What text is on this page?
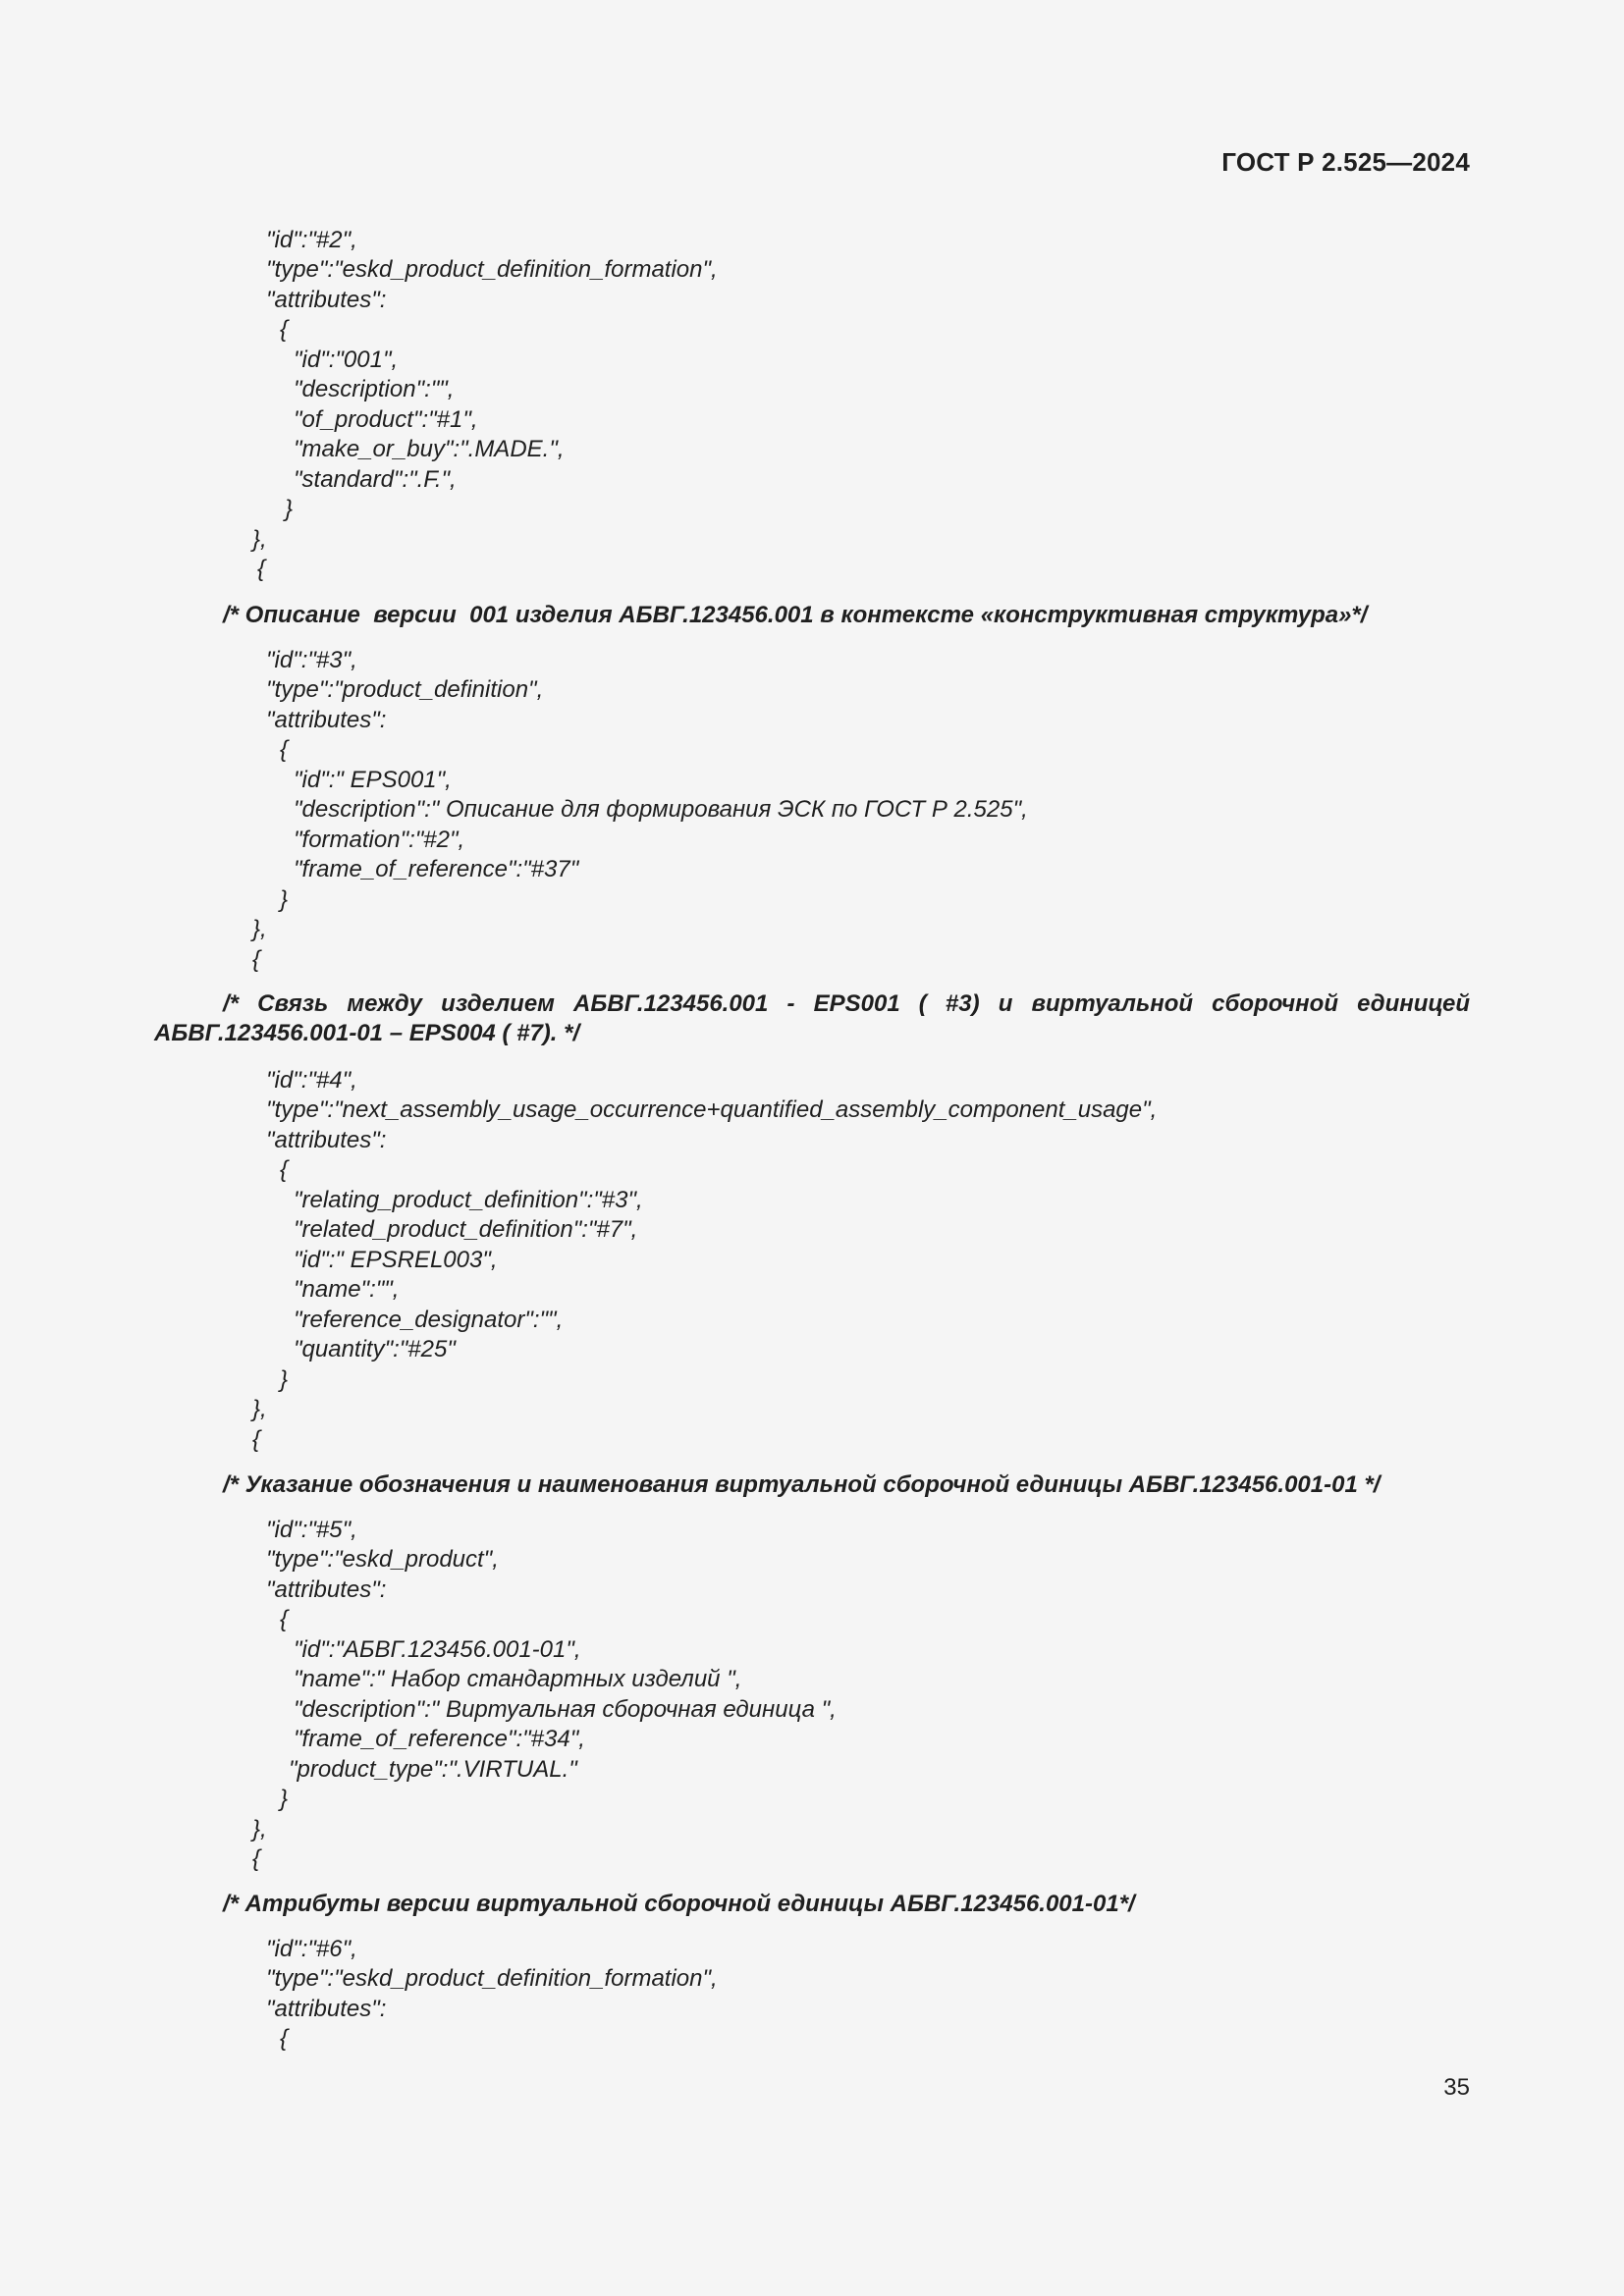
ГОСТ Р 2.525—2024
"id":"#2",
"type":"eskd_product_definition_formation",
"attributes":
{
"id":"001",
"description":"",
"of_product":"#1",
"make_or_buy":".MADE.",
"standard":".F.",
}
},
{
/* Описание  версии  001 изделия АБВГ.123456.001 в контексте «конструктивная структура»*/
"id":"#3",
"type":"product_definition",
"attributes":
{
"id":" EPS001",
"description":" Описание для формирования ЭСК по ГОСТ Р 2.525",
"formation":"#2",
"frame_of_reference":"#37"
}
},
{
/* Связь между изделием АБВГ.123456.001 - EPS001 ( #3) и виртуальной сборочной единицей
АБВГ.123456.001-01 – EPS004 ( #7). */
"id":"#4",
"type":"next_assembly_usage_occurrence+quantified_assembly_component_usage",
"attributes":
{
"relating_product_definition":"#3",
"related_product_definition":"#7",
"id":" EPSREL003",
"name":"",
"reference_designator":"",
"quantity":"#25"
}
},
{
/* Указание обозначения и наименования виртуальной сборочной единицы АБВГ.123456.001-01 */
"id":"#5",
"type":"eskd_product",
"attributes":
{
"id":"АБВГ.123456.001-01",
"name":" Набор стандартных изделий ",
"description":" Виртуальная сборочная единица ",
"frame_of_reference":"#34",
"product_type":".VIRTUAL."
}
},
{
/* Атрибуты версии виртуальной сборочной единицы АБВГ.123456.001-01*/
"id":"#6",
"type":"eskd_product_definition_formation",
"attributes":
{
35
